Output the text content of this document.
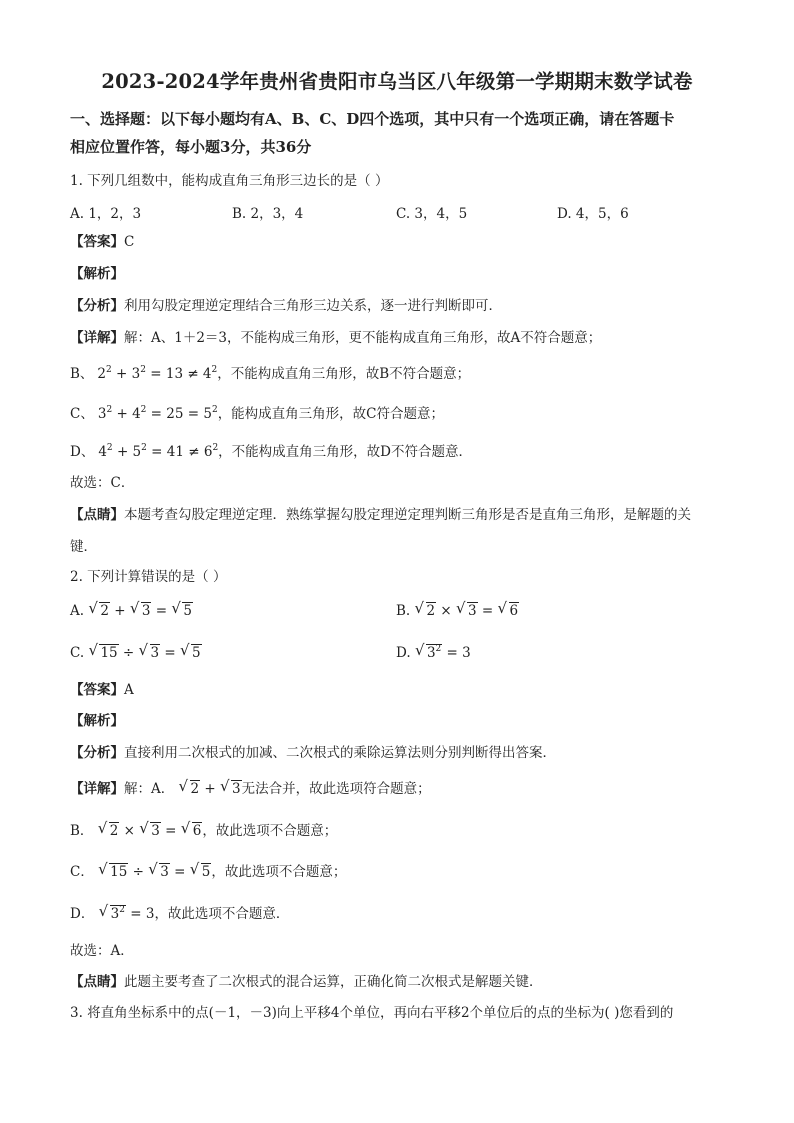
2023-2024学年贵州省贵阳市乌当区八年级第一学期期末数学试卷
一、选择题：以下每小题均有A、B、C、D四个选项，其中只有一个选项正确，请在答题卡
相应位置作答，每小题3分，共36分
1. 下列几组数中，能构成直角三角形三边长的是（ ）
A. 1，2，3	B. 2，3，4	C. 3，4，5	D. 4，5，6
【答案】C
【解析】
【分析】利用勾股定理逆定理结合三角形三边关系，逐一进行判断即可．
【详解】解：A、1＋2＝3，不能构成三角形，更不能构成直角三角形，故A不符合题意；
B、 $2^2 + 3^2 = 13 \ne 4^2$，不能构成直角三角形，故B不符合题意；
C、 $3^2 + 4^2 = 25 = 5^2$，能构成直角三角形，故C符合题意；
D、 $4^2 + 5^2 = 41 \ne 6^2$，不能构成直角三角形，故D不符合题意．
故选：C．
【点睛】本题考查勾股定理逆定理．熟练掌握勾股定理逆定理判断三角形是否是直角三角形，是解题的关
键．
2. 下列计算错误的是（ ）
A. √ 2 + √ 3 = √ 5	B. √ 2 × √ 3 = √ 6
C. √ 15 ÷ √ 3 = √ 5	D. √ $3^2 = 3$
【答案】A
【解析】
【分析】直接利用二次根式的加减、二次根式的乘除运算法则分别判断得出答案．
【详解】解：A． √ 2 + √ 3无法合并，故此选项符合题意；
B． √ 2 × √ 3 = √ 6，故此选项不合题意；
C． √ 15 ÷ √ 3 = √ 5，故此选项不合题意；
D． √ $3^2 = 3$，故此选项不合题意．
故选：A．
【点睛】此题主要考查了二次根式的混合运算，正确化简二次根式是解题关键．
3. 将直角坐标系中的点(－1，－3)向上平移4个单位，再向右平移2个单位后的点的坐标为( )您看到的
